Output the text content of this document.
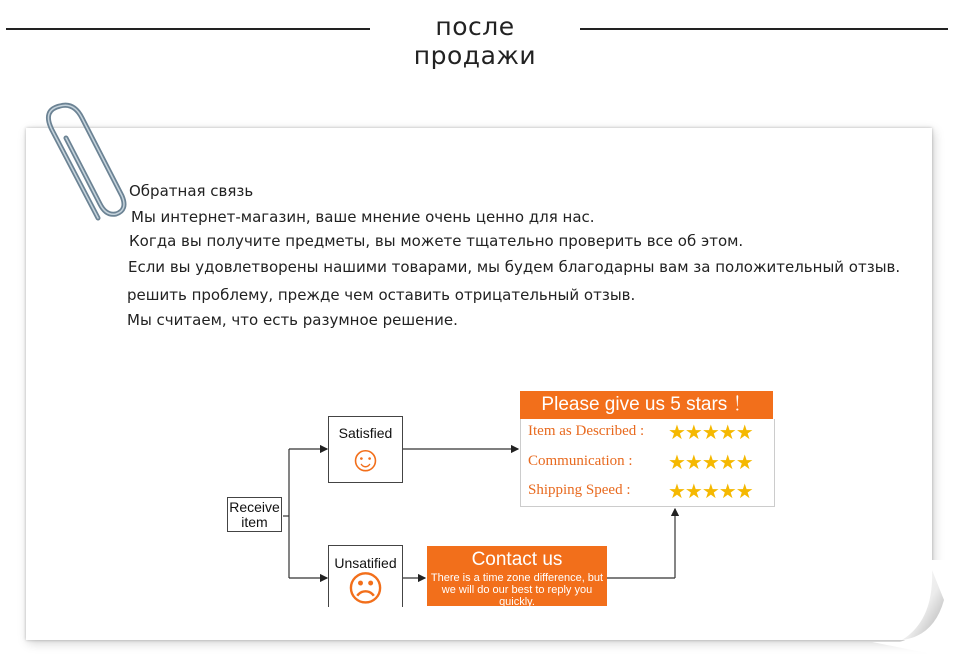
после продажи
Обратная связь
Мы интернет-магазин, ваше мнение очень ценно для нас.
Когда вы получите предметы, вы можете тщательно проверить все об этом.
Если вы удовлетворены нашими товарами, мы будем благодарны вам за положительный отзыв.
решить проблему, прежде чем оставить отрицательный отзыв.
Мы считаем, что есть разумное решение.
Receive item
Satisfied
☺
Unsatified
☹
Please give us 5 stars ！
Item as Described : ★★★★★
Communication : ★★★★★
Shipping Speed : ★★★★★
Contact us
There is a time zone difference, but we will do our best to reply you quickly.
